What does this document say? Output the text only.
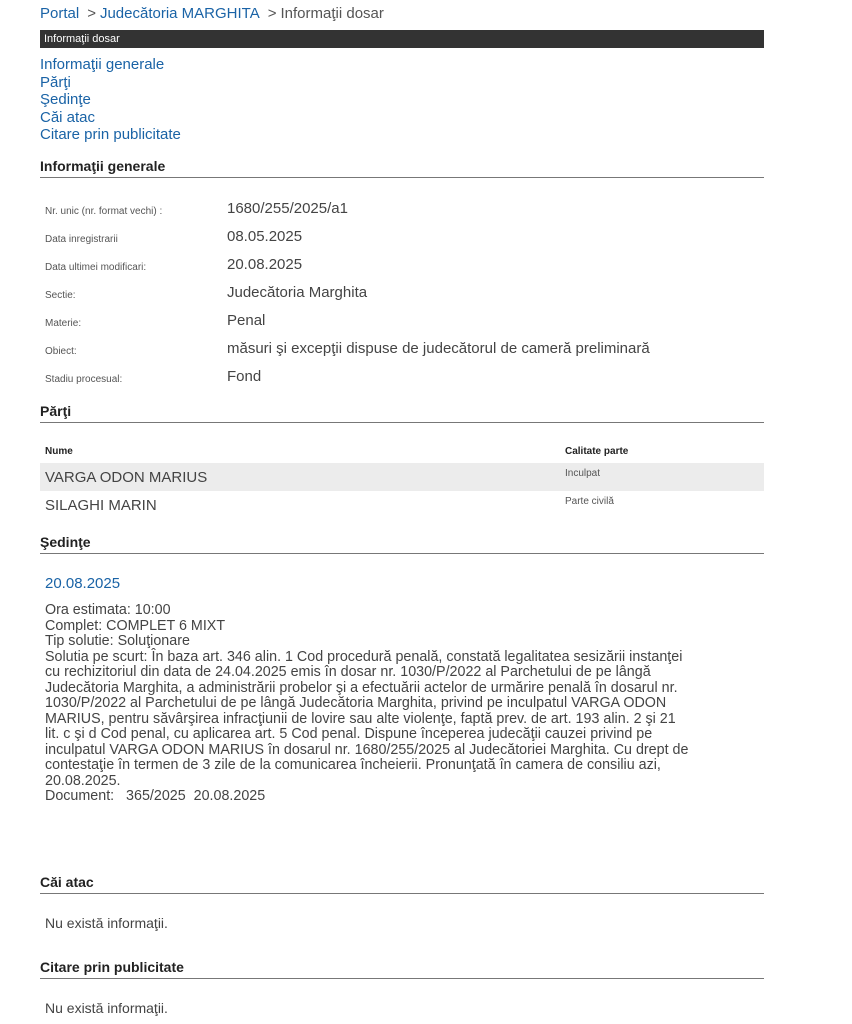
Portal > Judecătoria MARGHITA > Informaţii dosar
Informaţii dosar
Informaţii generale
Părţi
Şedinţe
Căi atac
Citare prin publicitate
Informaţii generale
Nr. unic (nr. format vechi) :	1680/255/2025/a1
Data inregistrarii	08.05.2025
Data ultimei modificari:	20.08.2025
Sectie:	Judecătoria Marghita
Materie:	Penal
Obiect:	măsuri şi excepţii dispuse de judecătorul de cameră preliminară
Stadiu procesual:	Fond
Părţi
Nume	Calitate parte
VARGA ODON MARIUS	Inculpat
SILAGHI MARIN	Parte civilă
Şedinţe
20.08.2025
Ora estimata: 10:00
Complet: COMPLET 6 MIXT
Tip solutie: Soluţionare
Solutia pe scurt: În baza art. 346 alin. 1 Cod procedură penală, constată legalitatea sesizării instanţei
cu rechizitoriul din data de 24.04.2025 emis în dosar nr. 1030/P/2022 al Parchetului de pe lângă
Judecătoria Marghita, a administrării probelor şi a efectuării actelor de urmărire penală în dosarul nr.
1030/P/2022 al Parchetului de pe lângă Judecătoria Marghita, privind pe inculpatul VARGA ODON
MARIUS, pentru săvârşirea infracţiunii de lovire sau alte violenţe, faptă prev. de art. 193 alin. 2 şi 21
lit. c şi d Cod penal, cu aplicarea art. 5 Cod penal. Dispune începerea judecăţii cauzei privind pe
inculpatul VARGA ODON MARIUS în dosarul nr. 1680/255/2025 al Judecătoriei Marghita. Cu drept de
contestaţie în termen de 3 zile de la comunicarea încheierii. Pronunţată în camera de consiliu azi,
20.08.2025.
Document:   365/2025  20.08.2025
Căi atac
Nu există informaţii.
Citare prin publicitate
Nu există informaţii.
